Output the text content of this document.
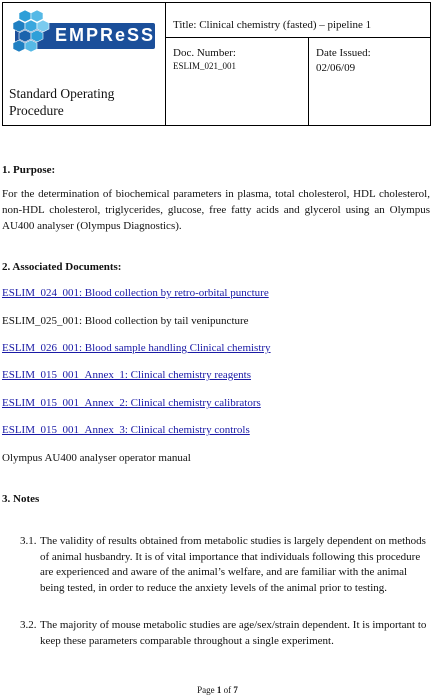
EMPReSS
Standard Operating Procedure
Title: Clinical chemistry (fasted) – pipeline 1
Doc. Number:
ESLIM_021_001
Date Issued:
02/06/09
1. Purpose:
For the determination of biochemical parameters in plasma, total cholesterol, HDL cholesterol, non-HDL cholesterol, triglycerides, glucose, free fatty acids and glycerol using an Olympus AU400 analyser (Olympus Diagnostics).
2. Associated Documents:
ESLIM_024_001: Blood collection by retro-orbital puncture
ESLIM_025_001: Blood collection by tail venipuncture
ESLIM_026_001: Blood sample handling Clinical chemistry
ESLIM_015_001_Annex_1: Clinical chemistry reagents
ESLIM_015_001_Annex_2: Clinical chemistry calibrators
ESLIM_015_001_Annex_3: Clinical chemistry controls
Olympus AU400 analyser operator manual
3. Notes
3.1. The validity of results obtained from metabolic studies is largely dependent on methods of animal husbandry. It is of vital importance that individuals following this procedure are experienced and aware of the animal’s welfare, and are familiar with the animal being tested, in order to reduce the anxiety levels of the animal prior to testing.
3.2. The majority of mouse metabolic studies are age/sex/strain dependent. It is important to keep these parameters comparable throughout a single experiment.
Page 1 of 7
